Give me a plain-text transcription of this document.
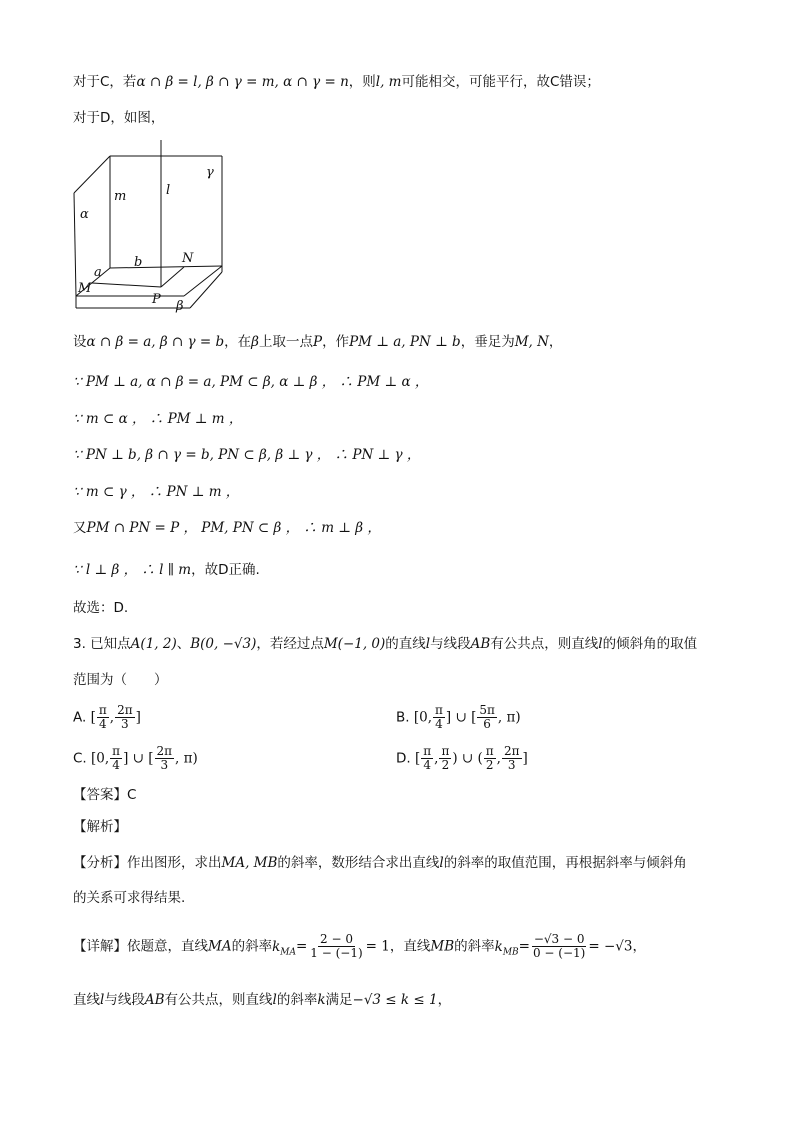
对于C，若α ∩ β = l, β ∩ γ = m, α ∩ γ = n，则l, m可能相交，可能平行，故C错误；
对于D，如图，
γ
m	l
α
b	N
a
M
P β
设α ∩ β = a, β ∩ γ = b，在β上取一点P，作PM ⊥ a, PN ⊥ b，垂足为M, N，
∵ PM ⊥ a, α ∩ β = a, PM ⊂ β, α ⊥ β ， ∴ PM ⊥ α ，
∵ m ⊂ α ， ∴ PM ⊥ m ，
∵ PN ⊥ b, β ∩ γ = b, PN ⊂ β, β ⊥ γ ， ∴ PN ⊥ γ ，
∵ m ⊂ γ ， ∴ PN ⊥ m ，
又PM ∩ PN = P ， PM, PN ⊂ β ， ∴ m ⊥ β ，
∵ l ⊥ β ， ∴ l ∥ m，故D正确.
故选：D.
3. 已知点A(1, 2)、B(0, −√3)，若经过点M(−1, 0)的直线l与线段AB有公共点，则直线l的倾斜角的取值
范围为（　　）
A. [ $\frac{\pi}{4}$ , $\frac{2\pi}{3}$ ]	B. [0, $\frac{\pi}{4}$ ] ∪ [ $\frac{5\pi}{6}$ , π)
C. [0, $\frac{\pi}{4}$ ] ∪ [ $\frac{2\pi}{3}$ , π)	D. [ $\frac{\pi}{4}$ , $\frac{\pi}{2}$ ) ∪ ( $\frac{\pi}{2}$ , $\frac{2\pi}{3}$ ]
【答案】C
【解析】
【分析】作出图形，求出MA, MB的斜率，数形结合求出直线l的斜率的取值范围，再根据斜率与倾斜角
的关系可求得结果.
【详解】依题意，直线MA的斜率$k_{MA}= \frac{2 - 0}{1 - (-1)} = 1$，直线MB的斜率$k_{MB}= \frac{-√3 - 0}{0 - (-1)} = -√3$，
直线l与线段AB有公共点，则直线l的斜率k满足−√3 ≤ k ≤ 1，
